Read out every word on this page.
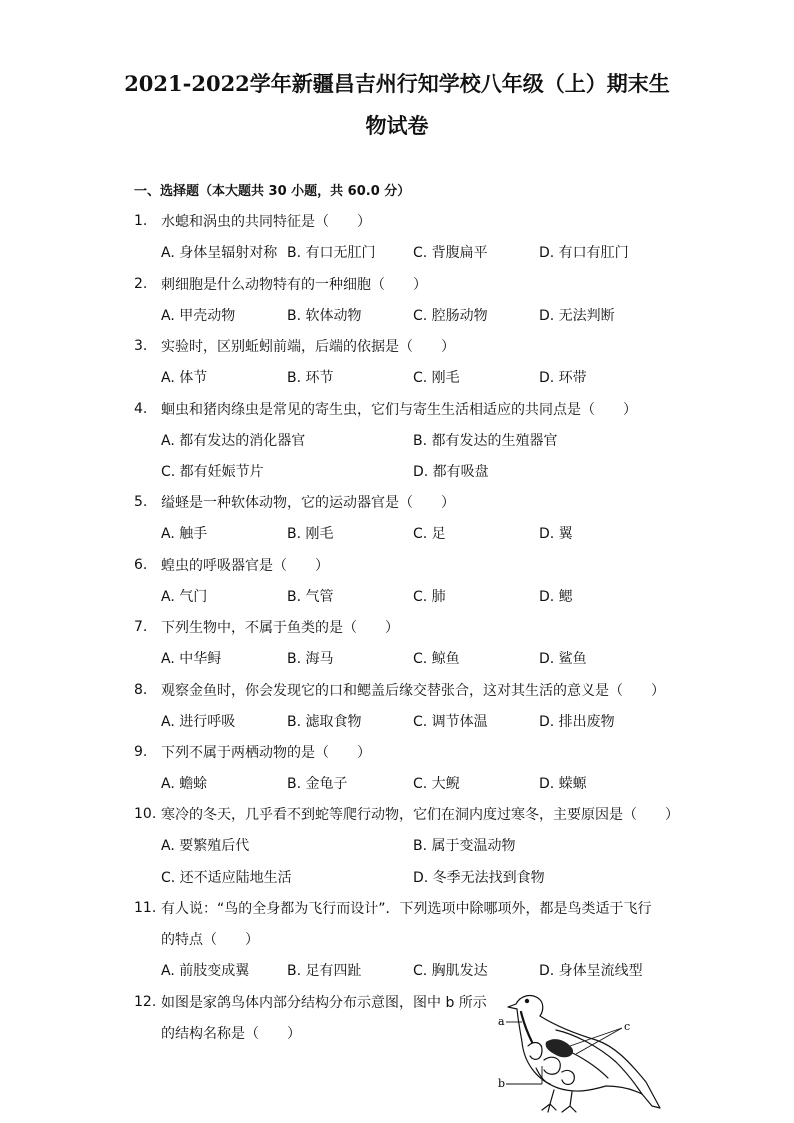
2021-2022学年新疆昌吉州行知学校八年级（上）期末生
物试卷
一、选择题（本大题共 30 小题，共 60.0 分）
1. 水螅和涡虫的共同特征是（　　）
A. 身体呈辐射对称 B. 有口无肛门	C. 背腹扁平	D. 有口有肛门
2. 刺细胞是什么动物特有的一种细胞（　　）
A. 甲壳动物	B. 软体动物	C. 腔肠动物	D. 无法判断
3. 实验时，区别蚯蚓前端，后端的依据是（　　）
A. 体节	B. 环节	C. 刚毛	D. 环带
4. 蛔虫和猪肉绦虫是常见的寄生虫，它们与寄生生活相适应的共同点是（　　）
A. 都有发达的消化器官	B. 都有发达的生殖器官
C. 都有妊娠节片	D. 都有吸盘
5. 缢蛏是一种软体动物，它的运动器官是（　　）
A. 触手	B. 刚毛	C. 足	D. 翼
6. 蝗虫的呼吸器官是（　　）
A. 气门	B. 气管	C. 肺	D. 鳃
7. 下列生物中，不属于鱼类的是（　　）
A. 中华鲟	B. 海马	C. 鲸鱼	D. 鲨鱼
8. 观察金鱼时，你会发现它的口和鳃盖后缘交替张合，这对其生活的意义是（　　）
A. 进行呼吸	B. 滤取食物	C. 调节体温	D. 排出废物
9. 下列不属于两栖动物的是（　　）
A. 蟾蜍	B. 金龟子	C. 大鲵	D. 蝾螈
10. 寒冷的冬天，几乎看不到蛇等爬行动物，它们在洞内度过寒冬，主要原因是（　　）
A. 要繁殖后代	B. 属于变温动物
C. 还不适应陆地生活	D. 冬季无法找到食物
11. 有人说：“鸟的全身都为飞行而设计”．下列选项中除哪项外，都是鸟类适于飞行
的特点（　　）
A. 前肢变成翼	B. 足有四趾	C. 胸肌发达	D. 身体呈流线型
12. 如图是家鸽鸟体内部分结构分布示意图，图中 b 所示
的结构名称是（　　）
a
b
c
